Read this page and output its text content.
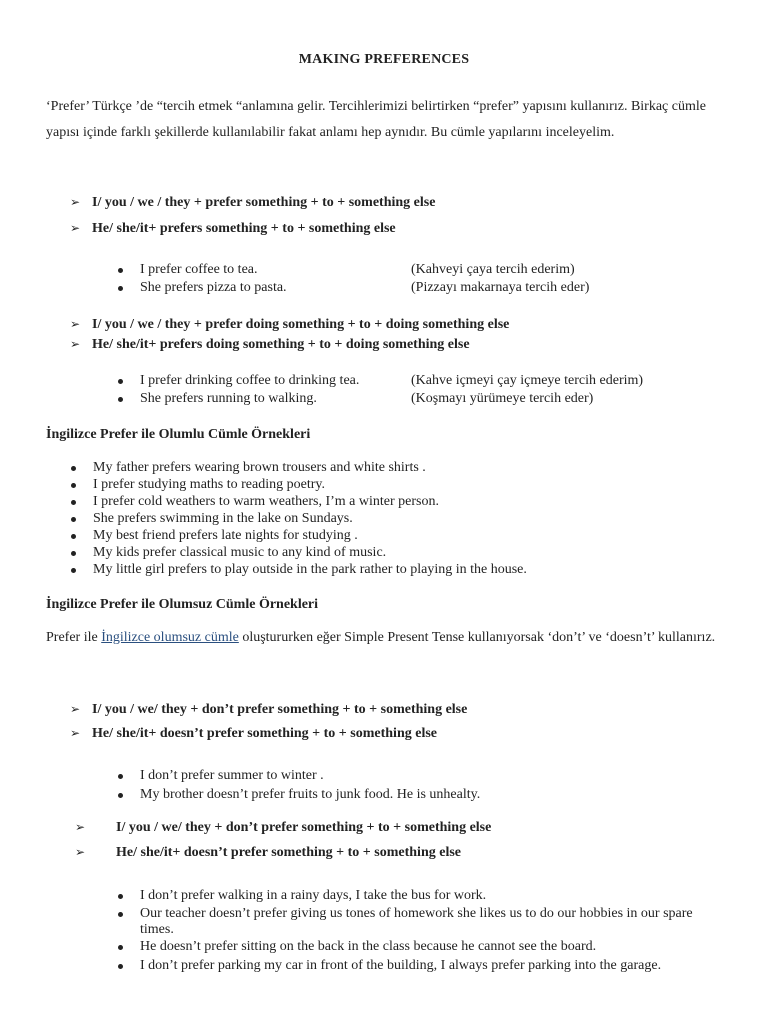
MAKING PREFERENCES
‘Prefer’ Türkçe ’de “tercih etmek “anlamına gelir. Tercihlerimizi belirtirken “prefer” yapısını kullanırız. Birkaç cümle yapısı içinde farklı şekillerde kullanılabilir fakat anlamı hep aynıdır. Bu cümle yapılarını inceleyelim.
➢ I/ you / we / they + prefer something + to + something else
➢ He/ she/it+ prefers something + to + something else
I prefer coffee to tea.	(Kahveyi çaya tercih ederim)
She prefers pizza to pasta.	(Pizzayı makarnaya tercih eder)
➢ I/ you / we / they + prefer doing something + to + doing something else
➢ He/ she/it+ prefers doing something + to + doing something else
I prefer drinking coffee to drinking tea.	(Kahve içmeyi çay içmeye tercih ederim)
She prefers running to walking.	(Koşmayı yürümeye tercih eder)
İngilizce Prefer ile Olumlu Cümle Örnekleri
My father prefers wearing brown trousers and white shirts .
I prefer studying maths to reading poetry.
I prefer cold weathers to warm weathers, I’m a winter person.
She prefers swimming in the lake on Sundays.
My best friend prefers late nights for studying .
My kids prefer classical music to any kind of music.
My little girl prefers to play outside in the park rather to playing in the house.
İngilizce Prefer ile Olumsuz Cümle Örnekleri
Prefer ile İngilizce olumsuz cümle oluştururken eğer Simple Present Tense kullanıyorsak ‘don’t’ ve ‘doesn’t’ kullanırız.
➢ I/ you / we/ they + don’t prefer something + to + something else
➢ He/ she/it+ doesn’t prefer something + to + something else
I don’t prefer summer to winter .
My brother doesn’t prefer fruits to junk food. He is unhealty.
➢ I/ you / we/ they + don’t prefer something + to + something else
➢ He/ she/it+ doesn’t prefer something + to + something else
I don’t prefer walking in a rainy days, I take the bus for work.
Our teacher doesn’t prefer giving us tones of homework she likes us to do our hobbies in our spare times.
He doesn’t prefer sitting on the back in the class because he cannot see the board.
I don’t prefer parking my car in front of the building, I always prefer parking into the garage.
